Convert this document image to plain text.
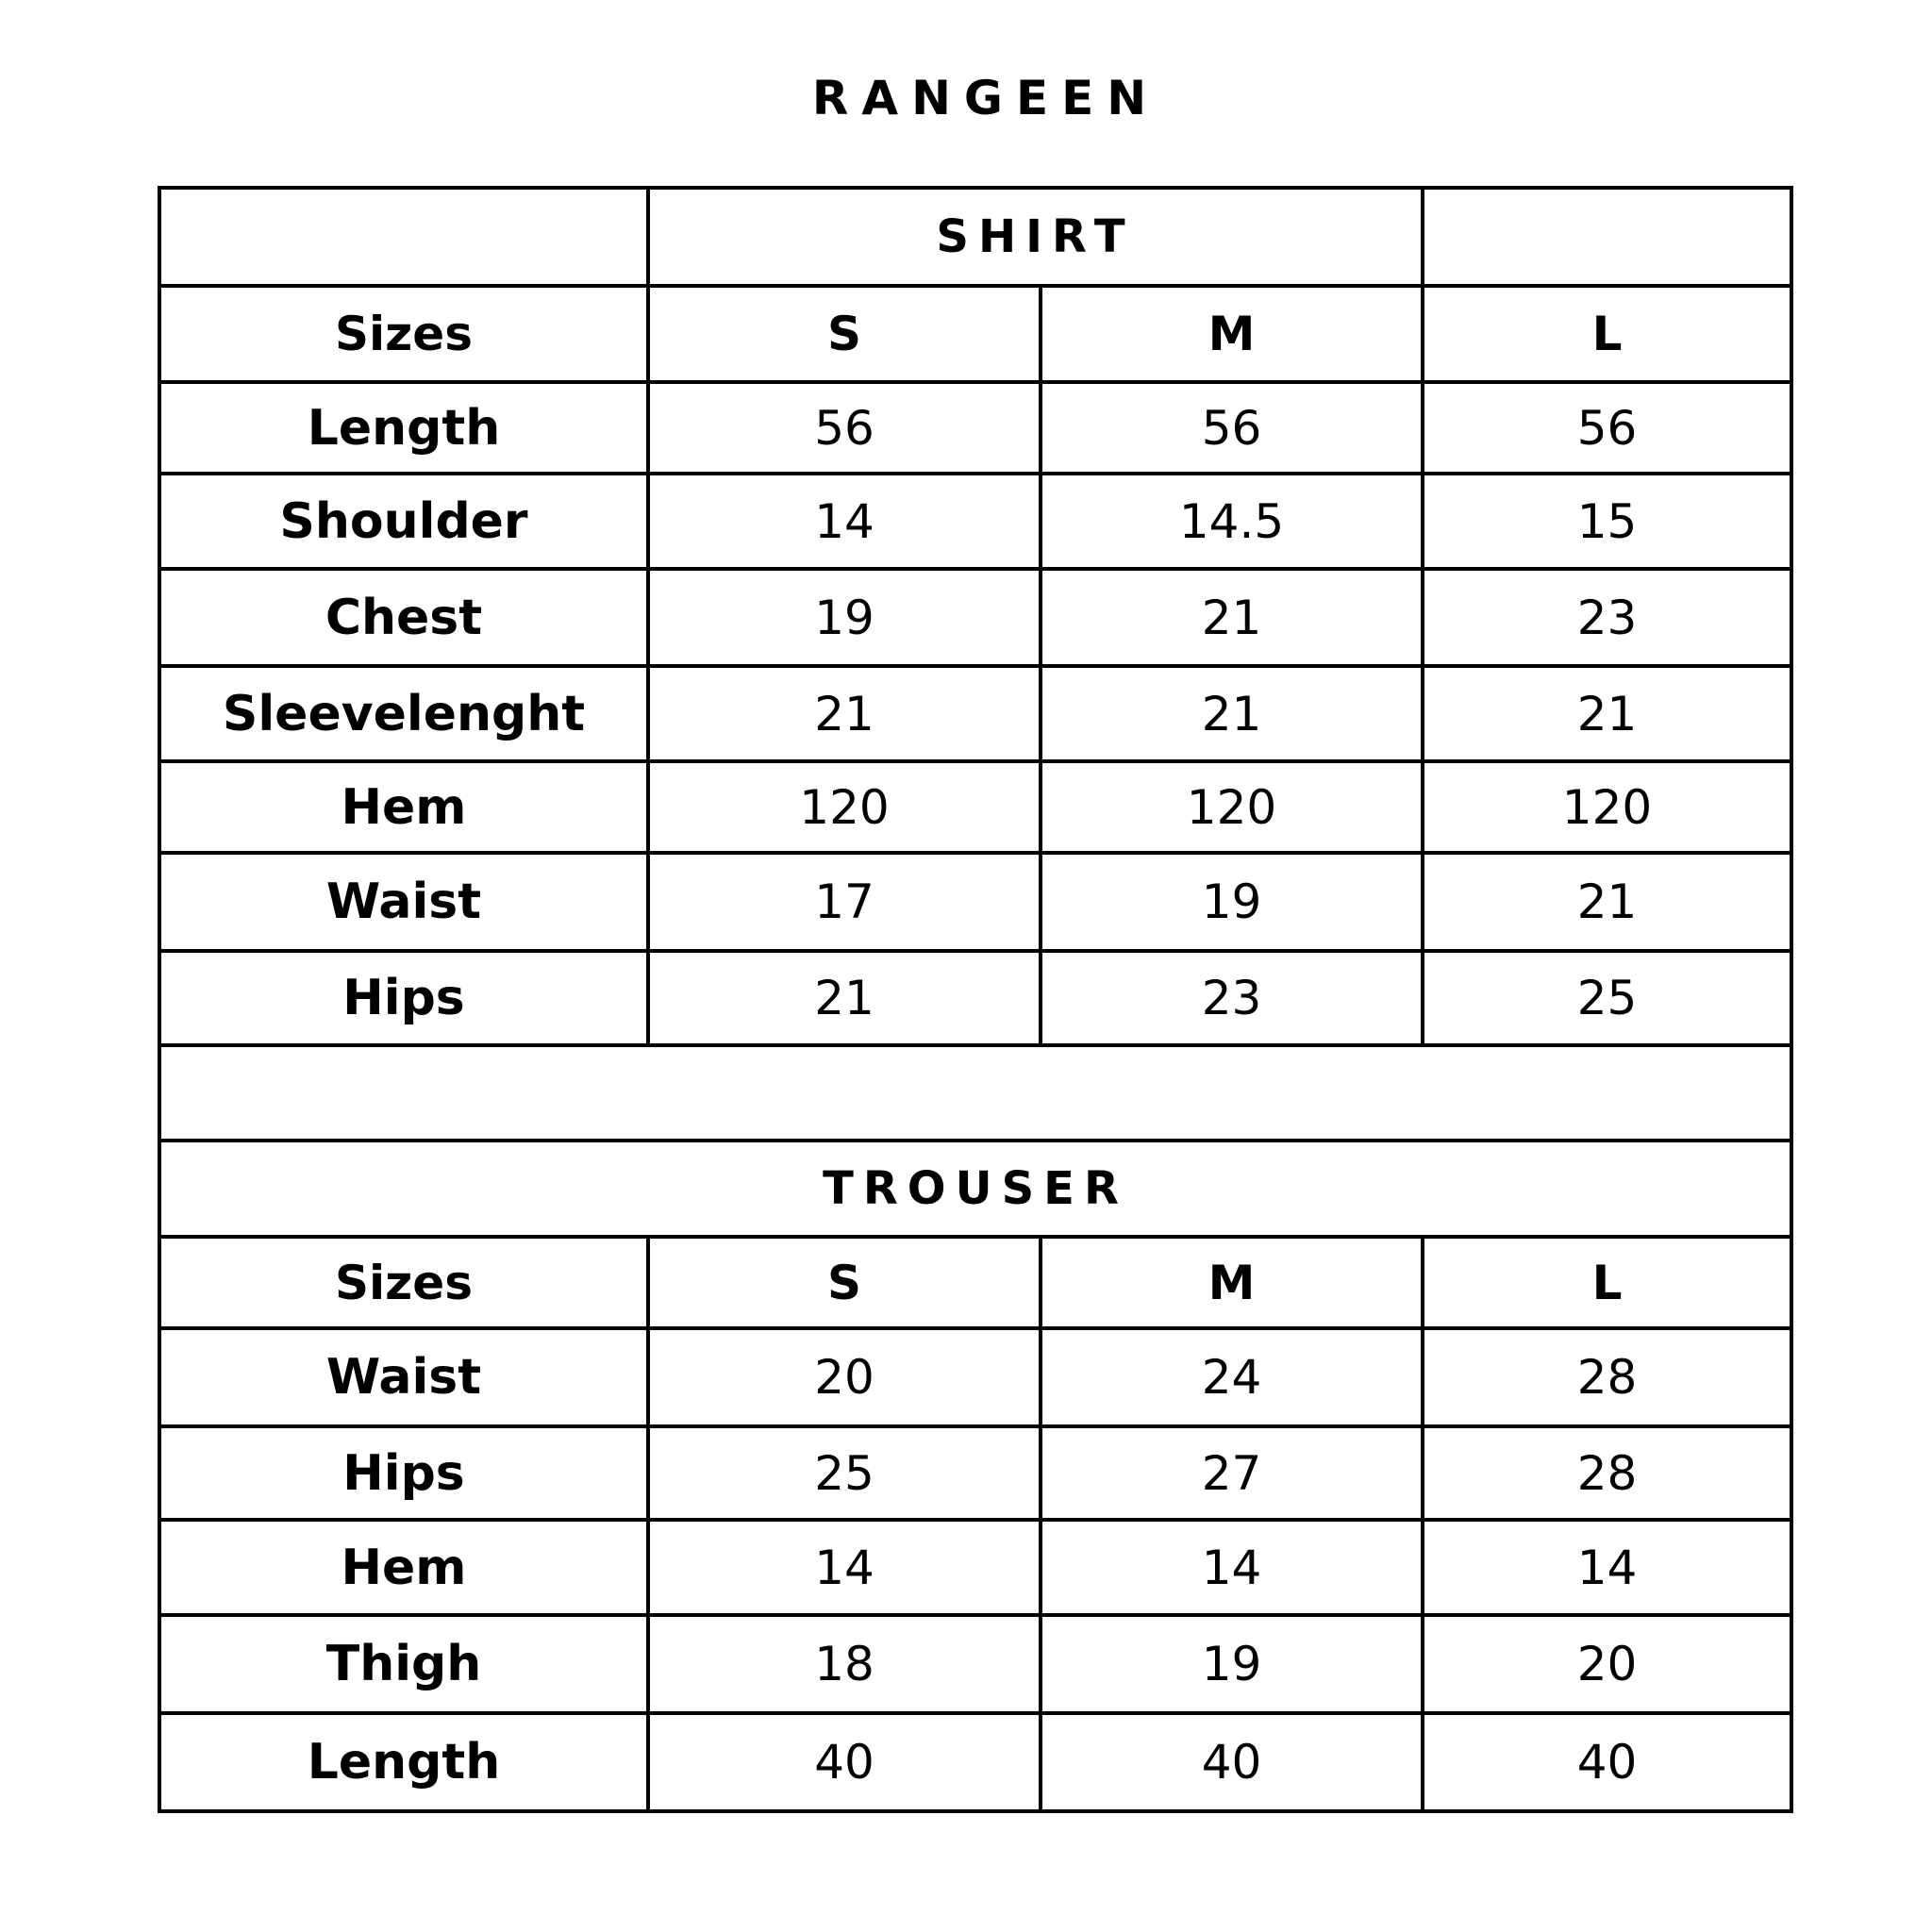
RANGEEN
	SHIRT		
Sizes	S	M	L
Length	56	56	56
Shoulder	14	14.5	15
Chest	19	21	23
Sleevelenght	21	21	21
Hem	120	120	120
Waist	17	19	21
Hips	21	23	25

TROUSER			
Sizes	S	M	L
Waist	20	24	28
Hips	25	27	28
Hem	14	14	14
Thigh	18	19	20
Length	40	40	40
